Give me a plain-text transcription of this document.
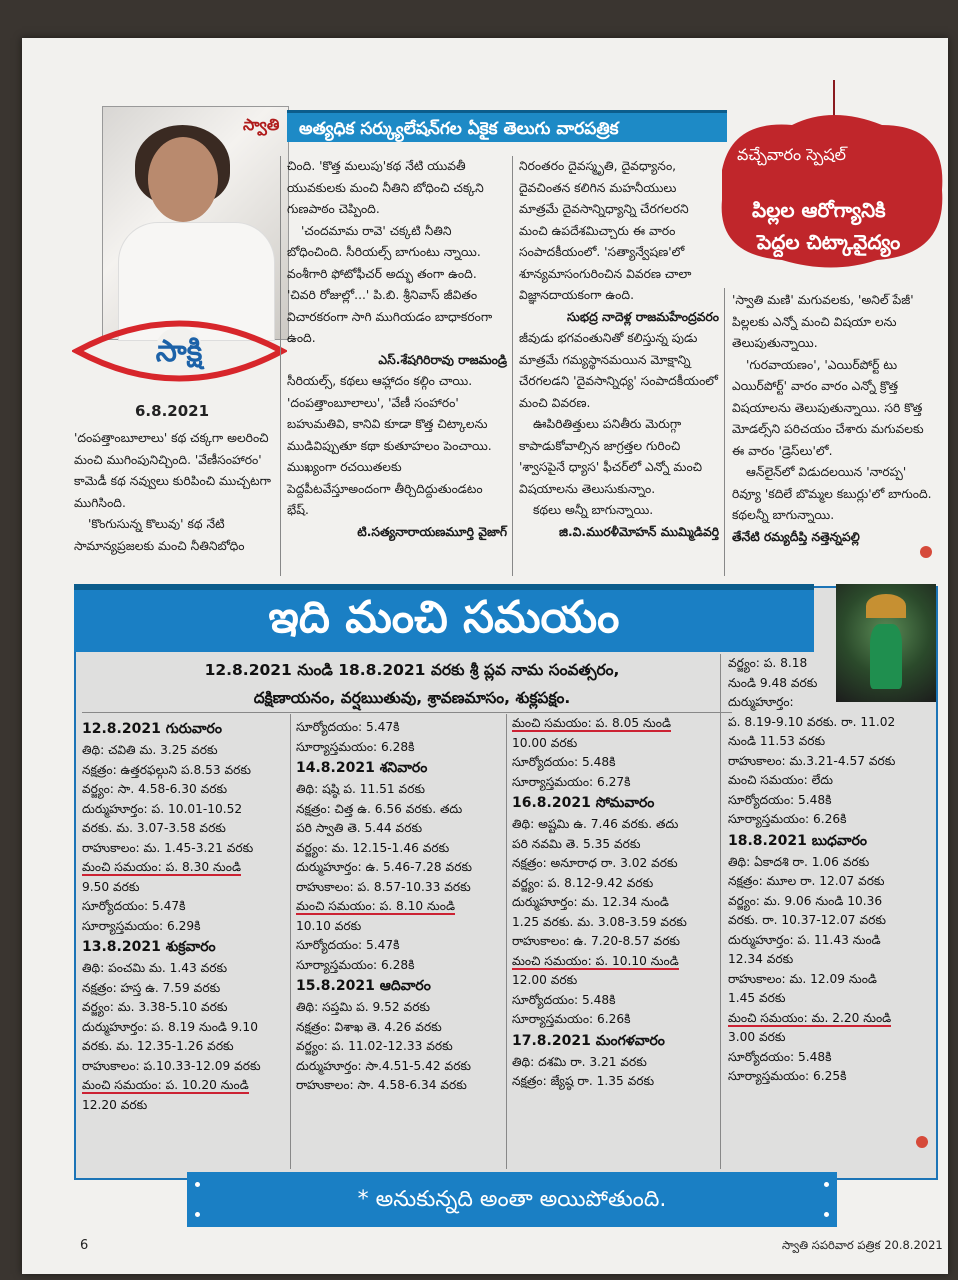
స్వాతి	అత్యధిక సర్క్యులేషన్‌గల ఏకైక తెలుగు వారపత్రిక
సాక్షి
6.8.2021

'దంపత్తాంబూలాలు' కథ చక్కగా అలరించి మంచి ముగింపునిచ్చింది. 'వేణీసంహారం' కామెడీ కథ నవ్వులు కురిపించి ముచ్చటగా ముగిసింది.

'కొంగుసున్న కొలువు' కథ నేటి సామాన్యప్రజలకు మంచి నీతినిబోధిం

చింది. 'కొత్త మలుపు'కథ నేటి యువతీ యువకులకు మంచి నీతిని బోధించి చక్కని గుణపాఠం చెప్పింది.

'చందమామ రావె' చక్కటి నీతిని బోధించింది. సీరియల్స్ బాగుంటు న్నాయి. వంశీగారి ఫోటోఫీచర్ అద్భు తంగా ఉంది. 'చివరి రోజుల్లో...' పి.బి. శ్రీనివాస్ జీవితం విచారకరంగా సాగి ముగియడం బాధాకరంగా ఉంది.

ఎస్.శేషగిరిరావు రాజమండ్రి

సీరియల్స్, కథలు ఆహ్లాదం కల్గిం చాయి. 'దంపత్తాంబూలాలు', 'వేణీ సంహారం' బహుమతివి, కానివి కూడా కొత్త చిట్కాలను ముడివిప్పుతూ కథా కుతూహలం పెంచాయి. ముఖ్యంగా రచయితలకు పెద్దపీటవేస్తూఅందంగా తీర్చిదిద్దుతుండటం భేష్.

టి.సత్యనారాయణమూర్తి వైజాగ్

నిరంతరం దైవస్మృతి, దైవధ్యానం, దైవచింతన కలిగిన మహనీయులు మాత్రమే దైవసాన్నిధ్యాన్ని చేరగలరని మంచి ఉపదేశమిచ్చారు ఈ వారం సంపాదకీయంలో. 'సత్యాన్వేషణ'లో శూన్యమాసంగురించిన వివరణ చాలా విజ్ఞానదాయకంగా ఉంది.

సుభద్ర నాదెళ్ల రాజమహేంద్రవరం

జీవుడు భగవంతునితో కలిస్తున్న పుడు మాత్రమే గమ్యస్థానమయిన మోక్షాన్ని చేరగలడని 'దైవసాన్నిధ్య' సంపాదకీయంలో మంచి వివరణ.

ఊపిరితిత్తులు పనితీరు మెరుగ్గా కాపాడుకోవాల్సిన జాగ్రత్తల గురించి 'శ్వాసపైనే ధ్యాస' ఫీచర్‌లో ఎన్నో మంచి విషయాలను తెలుసుకున్నాం.

కథలు అన్నీ బాగున్నాయి.

జి.వి.మురళీమోహన్ ముమ్మిడివర్తి

వచ్చేవారం స్పెషల్
పిల్లల ఆరోగ్యానికి
పెద్దల చిట్కావైద్యం

'స్వాతి మణి' మగువలకు, 'అనిల్ పేజీ' పిల్లలకు ఎన్నో మంచి విషయా లను తెలుపుతున్నాయి.

'గురవాయణం', 'ఎయిర్‌పోర్ట్ టు ఎయిర్‌పోర్ట్' వారం వారం ఎన్నో క్రొత్త విషయాలను తెలుపుతున్నాయి. సరి కొత్త మోడల్స్‌ని పరిచయం చేశారు మగువలకు ఈ వారం 'డ్రెస్‌లు'లో.

ఆన్‌లైన్‌లో విడుదలయిన 'నారప్ప' రివ్యూ 'కదిలే బొమ్మల కబుర్లు'లో బాగుంది. కథలన్నీ బాగున్నాయి.

తేనేటి రమ్యదీప్తి నత్తెన్నపల్లి

ఇది మంచి సమయం
12.8.2021 నుండి 18.8.2021 వరకు శ్రీ ప్లవ నామ సంవత్సరం,
దక్షిణాయనం, వర్షఋతువు, శ్రావణమాసం, శుక్లపక్షం.
12.8.2021 గురువారం
తిథి: చవితి మ. 3.25 వరకు
నక్షత్రం: ఉత్తరఫల్గుని ప.8.53 వరకు
వర్జ్యం: సా. 4.58-6.30 వరకు
దుర్ముహూర్తం: ప. 10.01-10.52
వరకు. మ. 3.07-3.58 వరకు
రాహుకాలం: మ. 1.45-3.21 వరకు
మంచి సమయం: ప. 8.30 నుండి
9.50 వరకు
సూర్యోదయం: 5.47కి
సూర్యాస్తమయం: 6.29కి
13.8.2021 శుక్రవారం
తిథి: పంచమి మ. 1.43 వరకు
నక్షత్రం: హస్త ఉ. 7.59 వరకు
వర్జ్యం: మ. 3.38-5.10 వరకు
దుర్ముహూర్తం: ప. 8.19 నుండి 9.10
వరకు. మ. 12.35-1.26 వరకు
రాహుకాలం: ప.10.33-12.09 వరకు
మంచి సమయం: ప. 10.20 నుండి
12.20 వరకు
సూర్యోదయం: 5.47కి
సూర్యాస్తమయం: 6.28కి
14.8.2021 శనివారం
తిథి: షష్ఠి ప. 11.51 వరకు
నక్షత్రం: చిత్త ఉ. 6.56 వరకు. తదు
పరి స్వాతి తె. 5.44 వరకు
వర్జ్యం: మ. 12.15-1.46 వరకు
దుర్ముహూర్తం: ఉ. 5.46-7.28 వరకు
రాహుకాలం: ప. 8.57-10.33 వరకు
మంచి సమయం: ప. 8.10 నుండి
10.10 వరకు
సూర్యోదయం: 5.47కి
సూర్యాస్తమయం: 6.28కి
15.8.2021 ఆదివారం
తిథి: సప్తమి ప. 9.52 వరకు
నక్షత్రం: విశాఖ తె. 4.26 వరకు
వర్జ్యం: ప. 11.02-12.33 వరకు
దుర్ముహూర్తం: సా.4.51-5.42 వరకు
రాహుకాలం: సా. 4.58-6.34 వరకు
మంచి సమయం: ప. 8.05 నుండి
10.00 వరకు
సూర్యోదయం: 5.48కి
సూర్యాస్తమయం: 6.27కి
16.8.2021 సోమవారం
తిథి: అష్టమి ఉ. 7.46 వరకు. తదు
పరి నవమి తె. 5.35 వరకు
నక్షత్రం: అనూరాధ రా. 3.02 వరకు
వర్జ్యం: ప. 8.12-9.42 వరకు
దుర్ముహూర్తం: మ. 12.34 నుండి
1.25 వరకు. మ. 3.08-3.59 వరకు
రాహుకాలం: ఉ. 7.20-8.57 వరకు
మంచి సమయం: ప. 10.10 నుండి
12.00 వరకు
సూర్యోదయం: 5.48కి
సూర్యాస్తమయం: 6.26కి
17.8.2021 మంగళవారం
తిథి: దశమి రా. 3.21 వరకు
నక్షత్రం: జ్యేష్ఠ రా. 1.35 వరకు
వర్జ్యం: ప. 8.18
నుండి 9.48 వరకు
దుర్ముహూర్తం:
ప. 8.19-9.10 వరకు. రా. 11.02
నుండి 11.53 వరకు
రాహుకాలం: మ.3.21-4.57 వరకు
మంచి సమయం: లేదు
సూర్యోదయం: 5.48కి
సూర్యాస్తమయం: 6.26కి
18.8.2021 బుధవారం
తిథి: ఏకాదశి రా. 1.06 వరకు
నక్షత్రం: మూల రా. 12.07 వరకు
వర్జ్యం: మ. 9.06 నుండి 10.36
వరకు. రా. 10.37-12.07 వరకు
దుర్ముహూర్తం: ప. 11.43 నుండి
12.34 వరకు
రాహుకాలం: మ. 12.09 నుండి
1.45 వరకు
మంచి సమయం: మ. 2.20 నుండి
3.00 వరకు
సూర్యోదయం: 5.48కి
సూర్యాస్తమయం: 6.25కి
* అనుకున్నది అంతా అయిపోతుంది.
6	స్వాతి సపరివార పత్రిక 20.8.2021
